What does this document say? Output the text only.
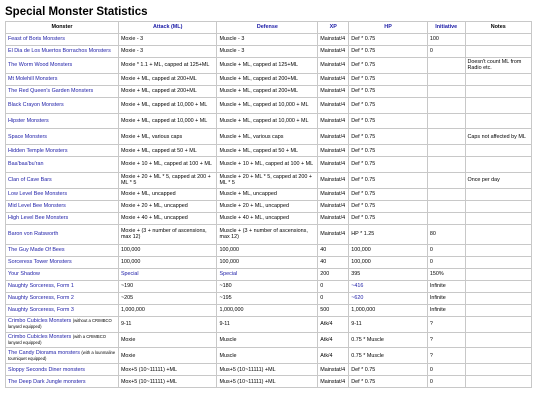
Special Monster Statistics
Monster	Attack (ML)	Defense	XP	HP	Initiative	Notes
Feast of Boris Monsters	Moxie - 3	Muscle - 3	Mainstat/4	Def * 0.75	100	
El Dia de Los Muertos Borrachos Monsters	Moxie - 3	Muscle - 3	Mainstat/4	Def * 0.75	0	
The Worm Wood Monsters	Moxie * 1.1 + ML, capped at 125+ML	Muscle + ML, capped at 125+ML	Mainstat/4	Def * 0.75		Doesn't count ML from Radio etc.
Mt Molehill Monsters	Moxie + ML, capped at 200+ML	Muscle + ML, capped at 200+ML	Mainstat/4	Def * 0.75		
The Red Queen's Garden Monsters	Moxie + ML, capped at 200+ML	Muscle + ML, capped at 200+ML	Mainstat/4	Def * 0.75		
Black Crayon Monsters	Moxie + ML, capped at 10,000 + ML	Muscle + ML, capped at 10,000 + ML	Mainstat/4	Def * 0.75		
Hipster Monsters	Moxie + ML, capped at 10,000 + ML	Muscle + ML, capped at 10,000 + ML	Mainstat/4	Def * 0.75		
Space Monsters	Moxie + ML, various caps	Muscle + ML, various caps	Mainstat/4	Def * 0.75		Caps not affected by ML
Hidden Temple Monsters	Moxie + ML, capped at 50 + ML	Muscle + ML, capped at 50 + ML	Mainstat/4	Def * 0.75		
Baa'baa'bu'ran	Moxie + 10 + ML, capped at 100 + ML	Muscle + 10 + ML, capped at 100 + ML	Mainstat/4	Def * 0.75		
Clan of Cave Bars	Moxie + 20 + ML * 5, capped at 200 + ML * 5	Muscle + 20 + ML * 5, capped at 200 + ML * 5	Mainstat/4	Def * 0.75		Once per day
Low Level Bee Monsters	Moxie + ML, uncapped	Muscle + ML, uncapped	Mainstat/4	Def * 0.75		
Mid Level Bee Monsters	Moxie + 20 + ML, uncapped	Muscle + 20 + ML, uncapped	Mainstat/4	Def * 0.75		
High Level Bee Monsters	Moxie + 40 + ML, uncapped	Muscle + 40 + ML, uncapped	Mainstat/4	Def * 0.75		
Baron von Ratsworth	Moxie + (3 + number of ascensions, max 12)	Muscle + (3 + number of ascensions, max 12)	Mainstat/4	HP * 1.25	80	
The Guy Made Of Bees	100,000	100,000	40	100,000	0	
Sorceress Tower Monsters	100,000	100,000	40	100,000	0	
Your Shadow	Special	Special	200	395	150%	
Naughty Sorceress, Form 1	~190	~180	0	~416	Infinite	
Naughty Sorceress, Form 2	~205	~195	0	~620	Infinite	
Naughty Sorceress, Form 3	1,000,000	1,000,000	500	1,000,000	Infinite	
Crimbo Cubicles Monsters (without a CRIMBCO lanyard equipped)	9-11	9-11	Atk/4	9-11	?	
Crimbo Cubicles Monsters (with a CRIMBCO lanyard equipped)	Moxie	Muscle	Atk/4	0.75 * Muscle	?	
The Candy Diorama monsters (with a lounmaline tourniquet equipped)	Moxie	Muscle	Atk/4	0.75 * Muscle	?	
Sloppy Seconds Diner monsters	Mox+5 (10~11111) +ML	Mus+5 (10~11111) +ML	Mainstat/4	Def * 0.75	0	
The Deep Dark Jungle monsters	Mox+5 (10~11111) +ML	Mus+5 (10~11111) +ML	Mainstat/4	Def * 0.75	0	
